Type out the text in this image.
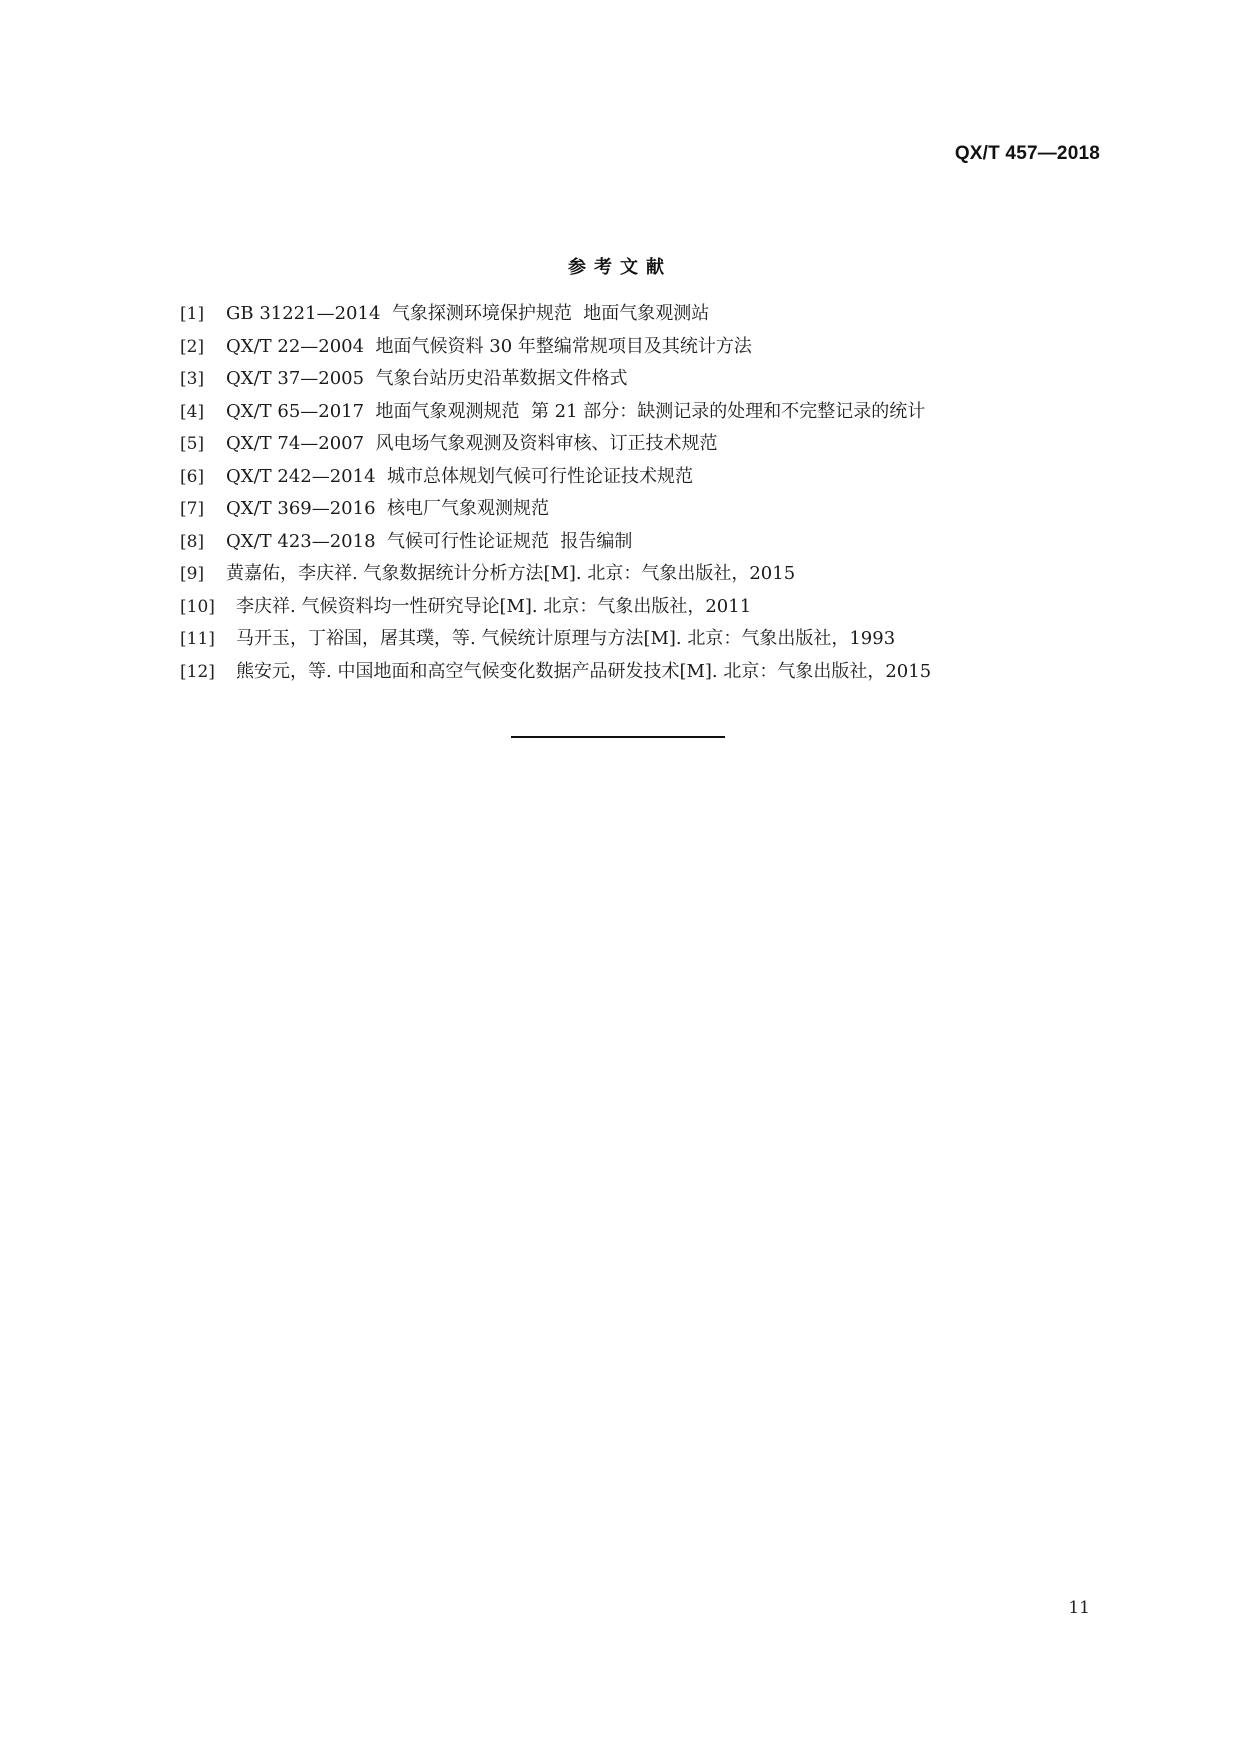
QX/T 457—2018
参考文献
[1]	GB 31221—2014  气象探测环境保护规范  地面气象观测站
[2]	QX/T 22—2004  地面气候资料 30 年整编常规项目及其统计方法
[3]	QX/T 37—2005  气象台站历史沿革数据文件格式
[4]	QX/T 65—2017  地面气象观测规范  第 21 部分：缺测记录的处理和不完整记录的统计
[5]	QX/T 74—2007  风电场气象观测及资料审核、订正技术规范
[6]	QX/T 242—2014  城市总体规划气候可行性论证技术规范
[7]	QX/T 369—2016  核电厂气象观测规范
[8]	QX/T 423—2018  气候可行性论证规范  报告编制
[9]	黄嘉佑，李庆祥. 气象数据统计分析方法[M]. 北京：气象出版社，2015
[10]	李庆祥. 气候资料均一性研究导论[M]. 北京：气象出版社，2011
[11]	马开玉，丁裕国，屠其璞，等. 气候统计原理与方法[M]. 北京：气象出版社，1993
[12]	熊安元，等. 中国地面和高空气候变化数据产品研发技术[M]. 北京：气象出版社，2015
11
